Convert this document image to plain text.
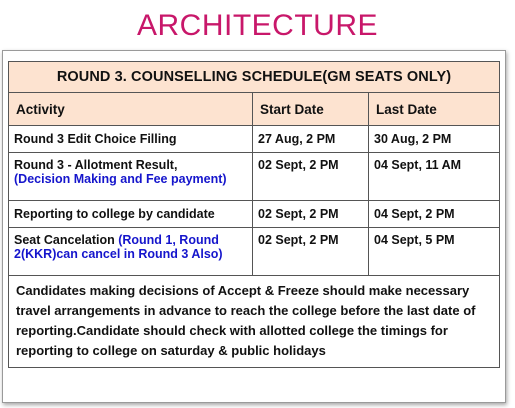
ARCHITECTURE
ROUND 3. COUNSELLING SCHEDULE(GM SEATS ONLY)		
Activity	Start Date	Last Date
Round 3 Edit Choice Filling	27 Aug, 2 PM	30 Aug, 2 PM
Round 3 - Allotment Result,
(Decision Making and Fee payment)	02 Sept, 2 PM	04 Sept, 11 AM
Reporting to college by candidate	02 Sept, 2 PM	04 Sept, 2 PM
Seat Cancelation (Round 1, Round 2(KKR)can cancel in Round 3 Also)	02 Sept, 2 PM	04 Sept, 5 PM
Candidates making decisions of Accept & Freeze should make necessary travel arrangements in advance to reach the college before the last date of reporting.Candidate should check with allotted college the timings for reporting to college on saturday & public holidays		
